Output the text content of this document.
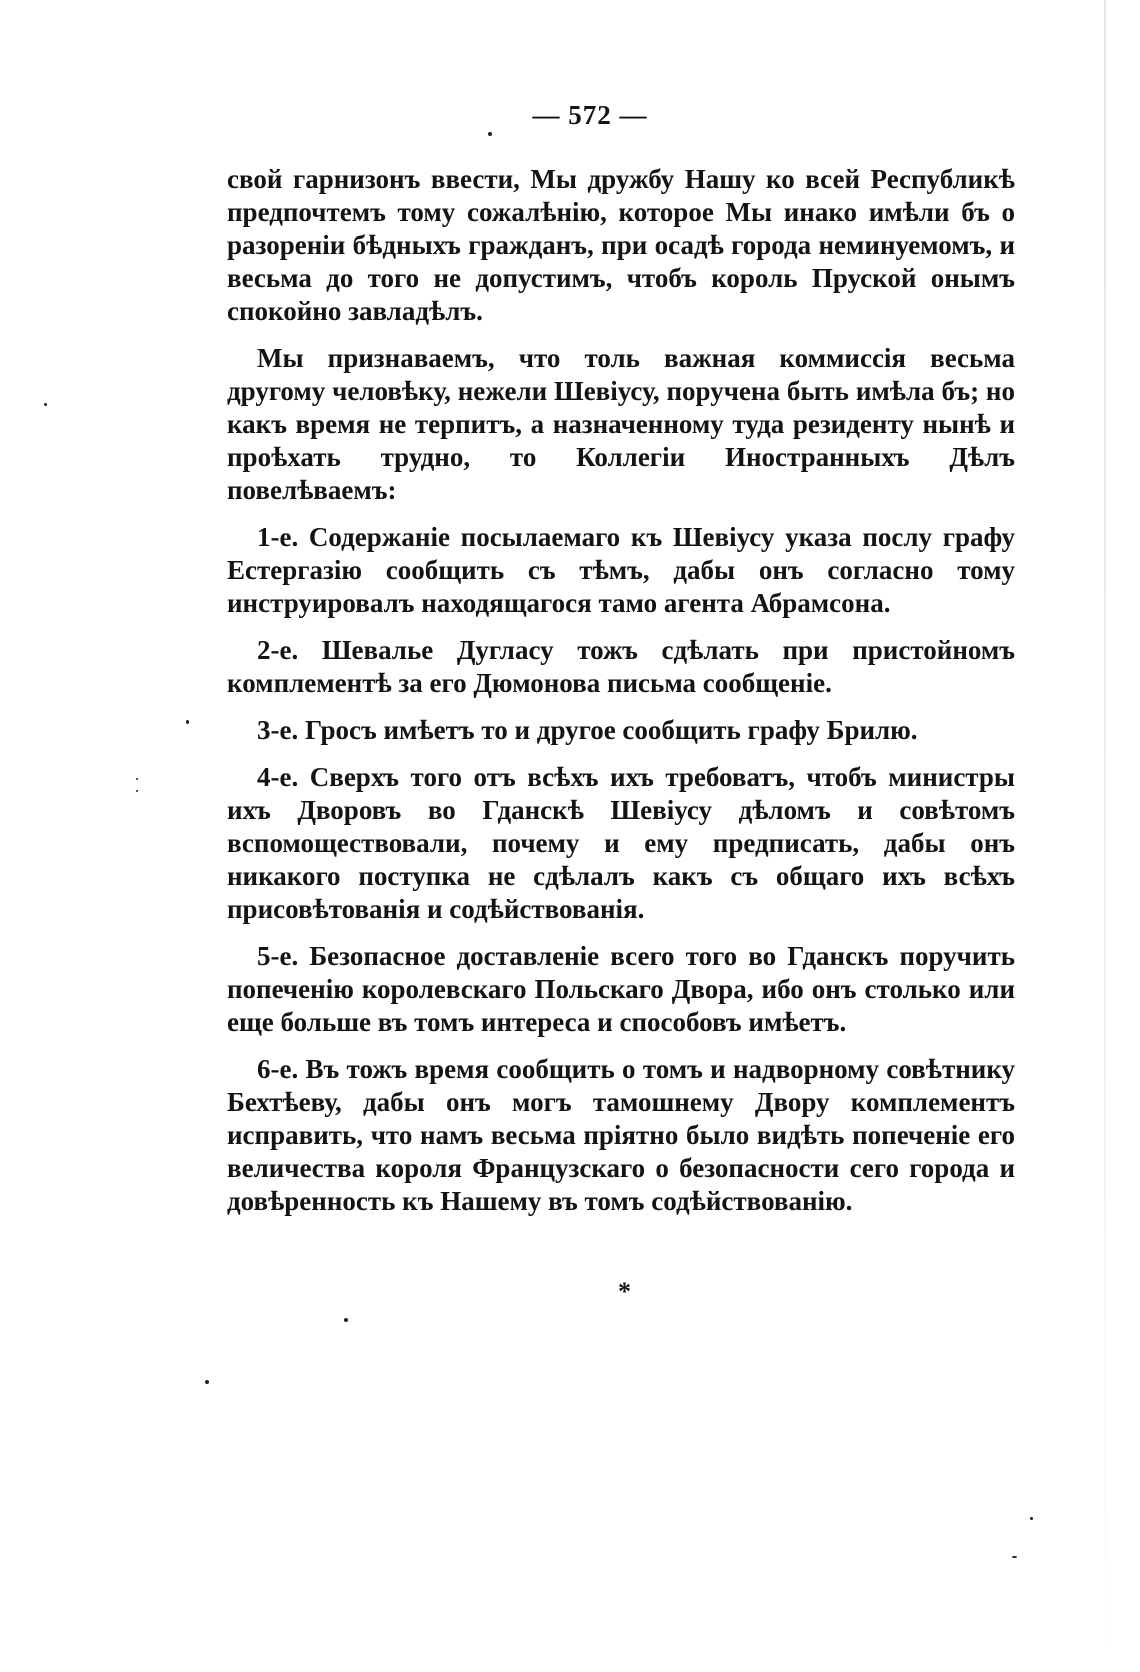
— 572 —

свой гарнизонъ ввести, Мы дружбу Нашу ко всей Республикѣ предпочтемъ тому сожалѣнію, которое Мы инако имѣли бъ о разореніи бѣдныхъ гражданъ, при осадѣ города неминуемомъ, и весьма до того не допустимъ, чтобъ король Пруской онымъ спокойно завладѣлъ.

Мы признаваемъ, что толь важная коммиссія весьма другому человѣку, нежели Шевіусу, поручена быть имѣла бъ; но какъ время не терпитъ, а назначенному туда резиденту нынѣ и проѣхать трудно, то Коллегіи Иностранныхъ Дѣлъ повелѣваемъ:

1-е. Содержаніе посылаемаго къ Шевіусу указа послу графу Естергазію сообщить съ тѣмъ, дабы онъ согласно тому инструировалъ находящагося тамо агента Абрамсона.

2-е. Шевалье Дугласу тожъ сдѣлать при пристойномъ комплементѣ за его Дюмонова письма сообщеніе.

3-е. Гросъ имѣетъ то и другое сообщить графу Брилю.

4-е. Сверхъ того отъ всѣхъ ихъ требоватъ, чтобъ министры ихъ Дворовъ во Гданскѣ Шевіусу дѣломъ и совѣтомъ вспомоществовали, почему и ему предписать, дабы онъ никакого поступка не сдѣлалъ какъ съ общаго ихъ всѣхъ присовѣтованія и содѣйствованія.

5-е. Безопасное доставленіе всего того во Гданскъ поручить попеченію королевскаго Польскаго Двора, ибо онъ столько или еще больше въ томъ интереса и способовъ имѣетъ.

6-е. Въ тожъ время сообщить о томъ и надворному совѣтнику Бехтѣеву, дабы онъ могъ тамошнему Двору комплементъ исправить, что намъ весьма пріятно было видѣть попеченіе его величества короля Французскаго о безопасности сего города и довѣренность къ Нашему въ томъ содѣйствованію.

*
